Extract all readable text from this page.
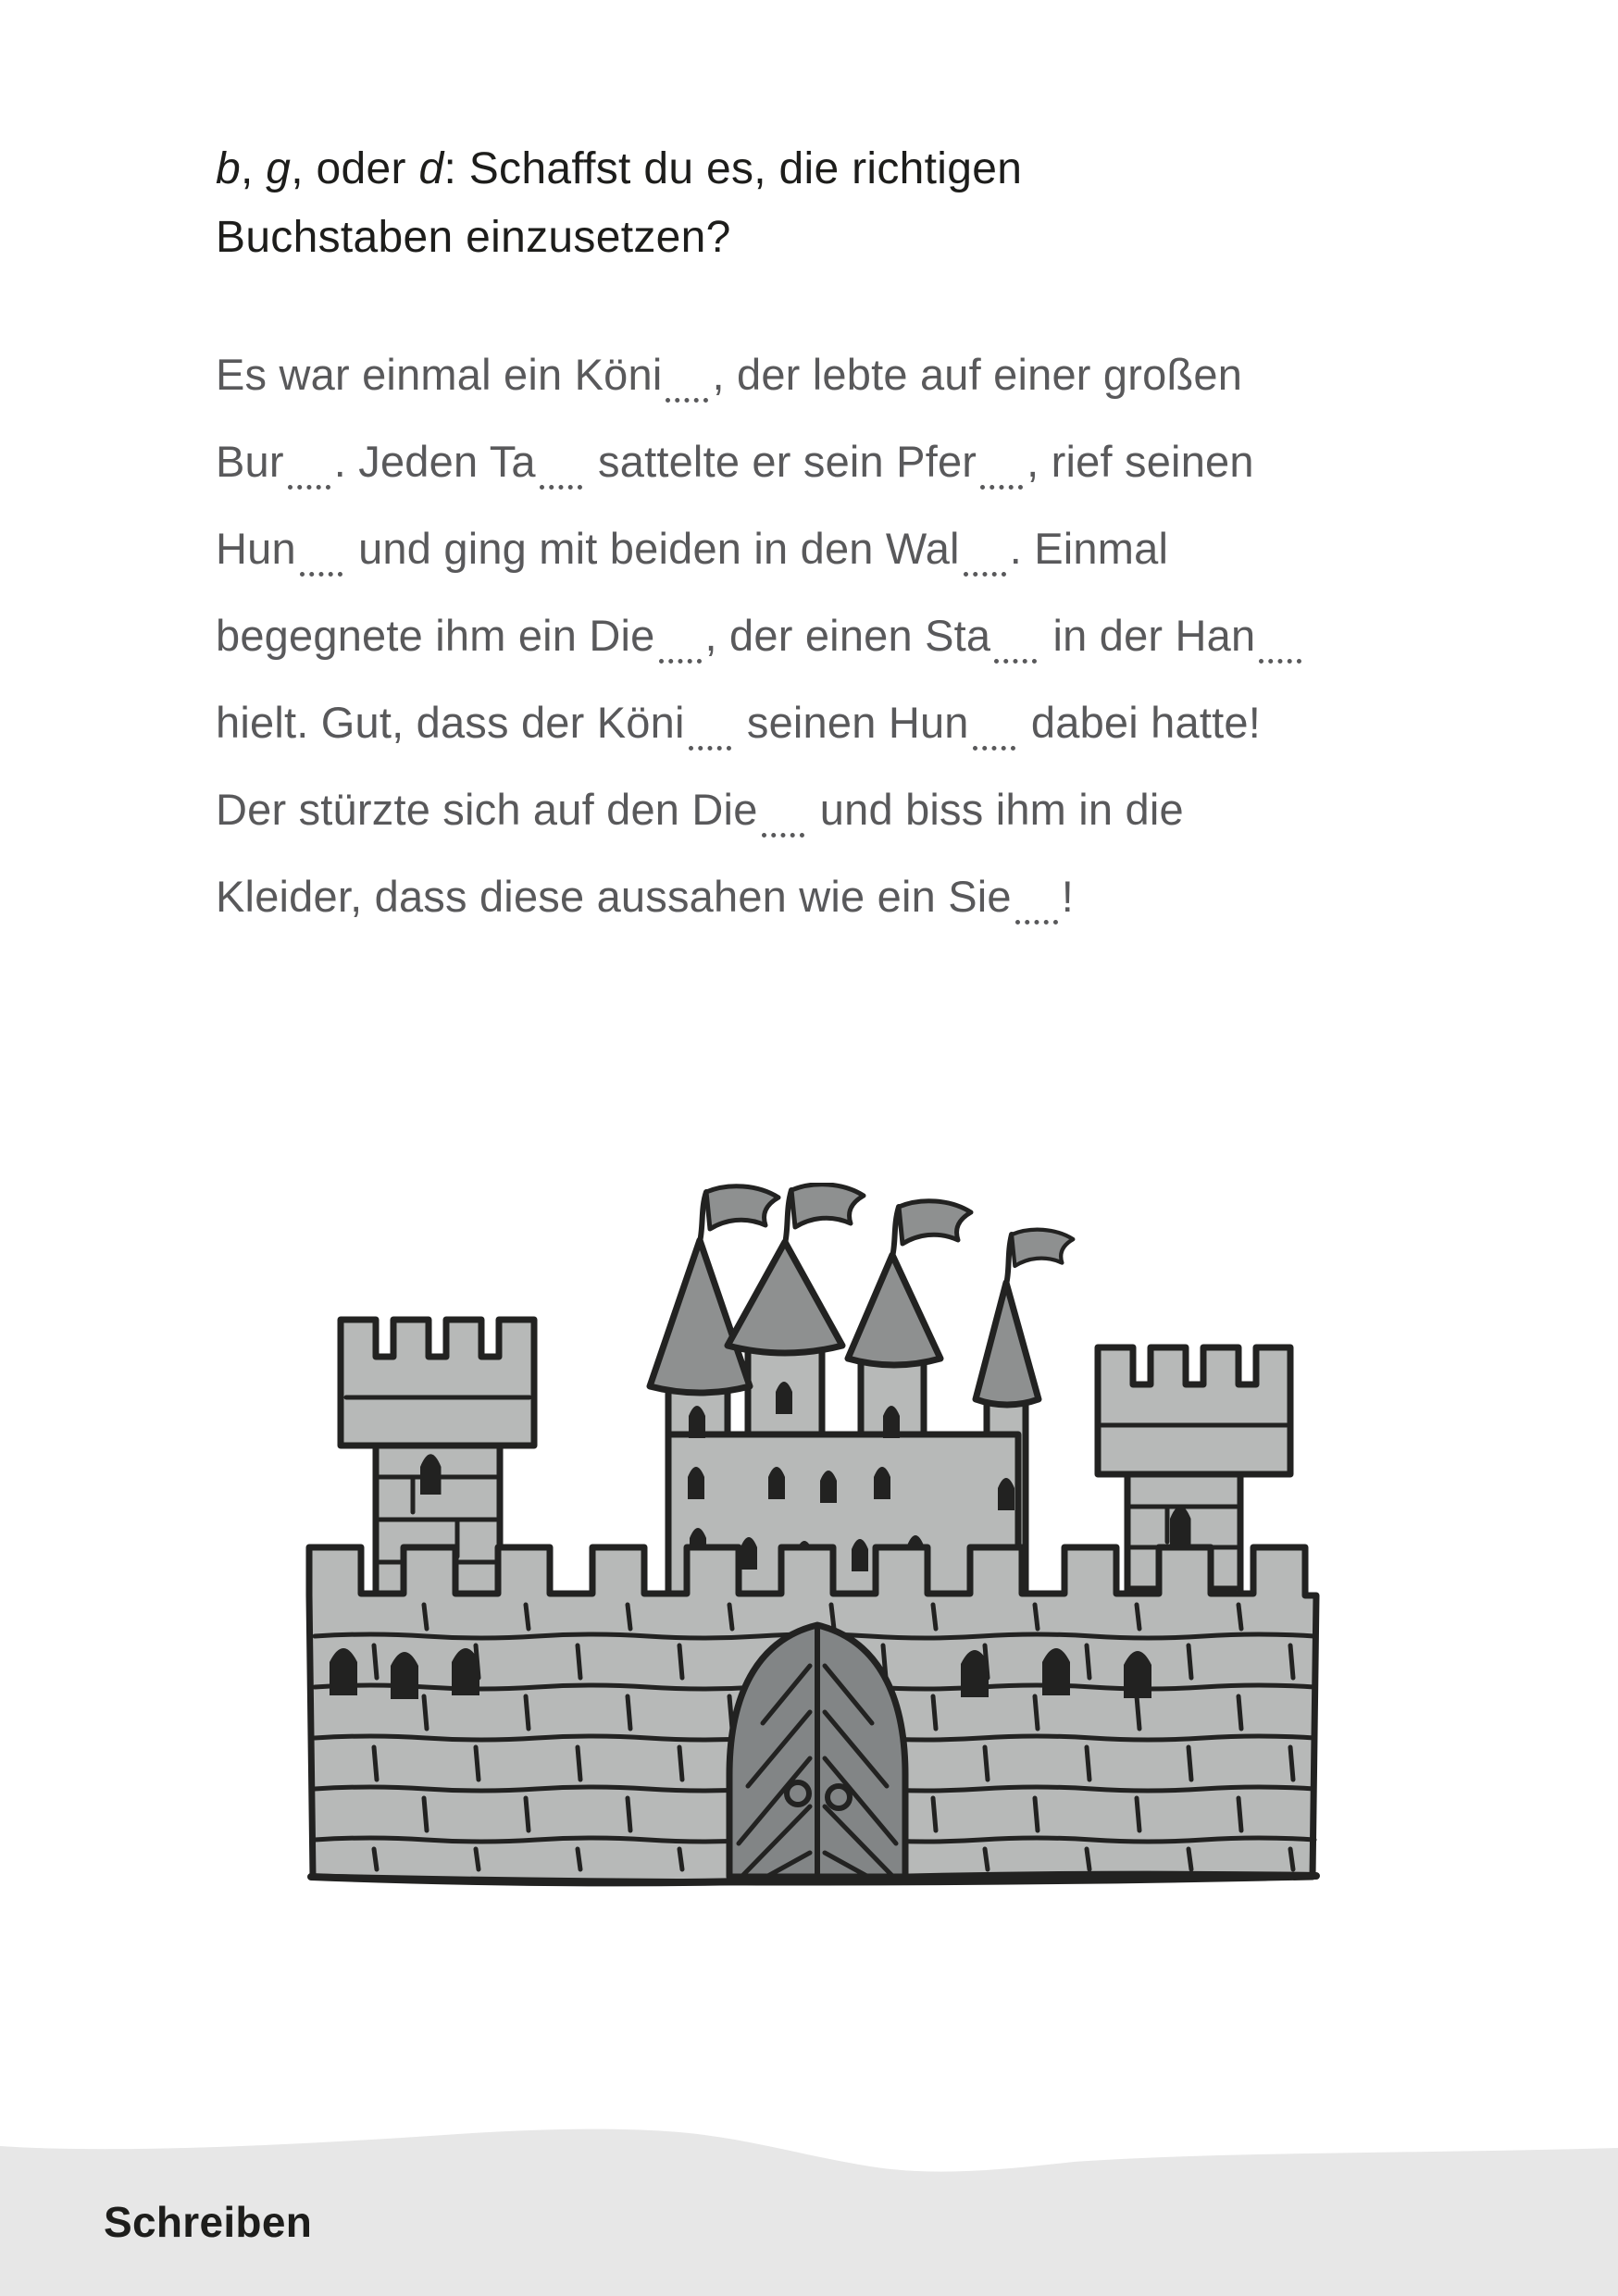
b, g, oder d: Schaffst du es, die richtigen
Buchstaben einzusetzen?
Es war einmal ein Köni , der lebte auf einer großen
Bur . Jeden Ta sattelte er sein Pfer , rief seinen
Hun und ging mit beiden in den Wal . Einmal
begegnete ihm ein Die , der einen Sta in der Han
hielt. Gut, dass der Köni seinen Hun dabei hatte!
Der stürzte sich auf den Die und biss ihm in die
Kleider, dass diese aussahen wie ein Sie !
Schreiben
